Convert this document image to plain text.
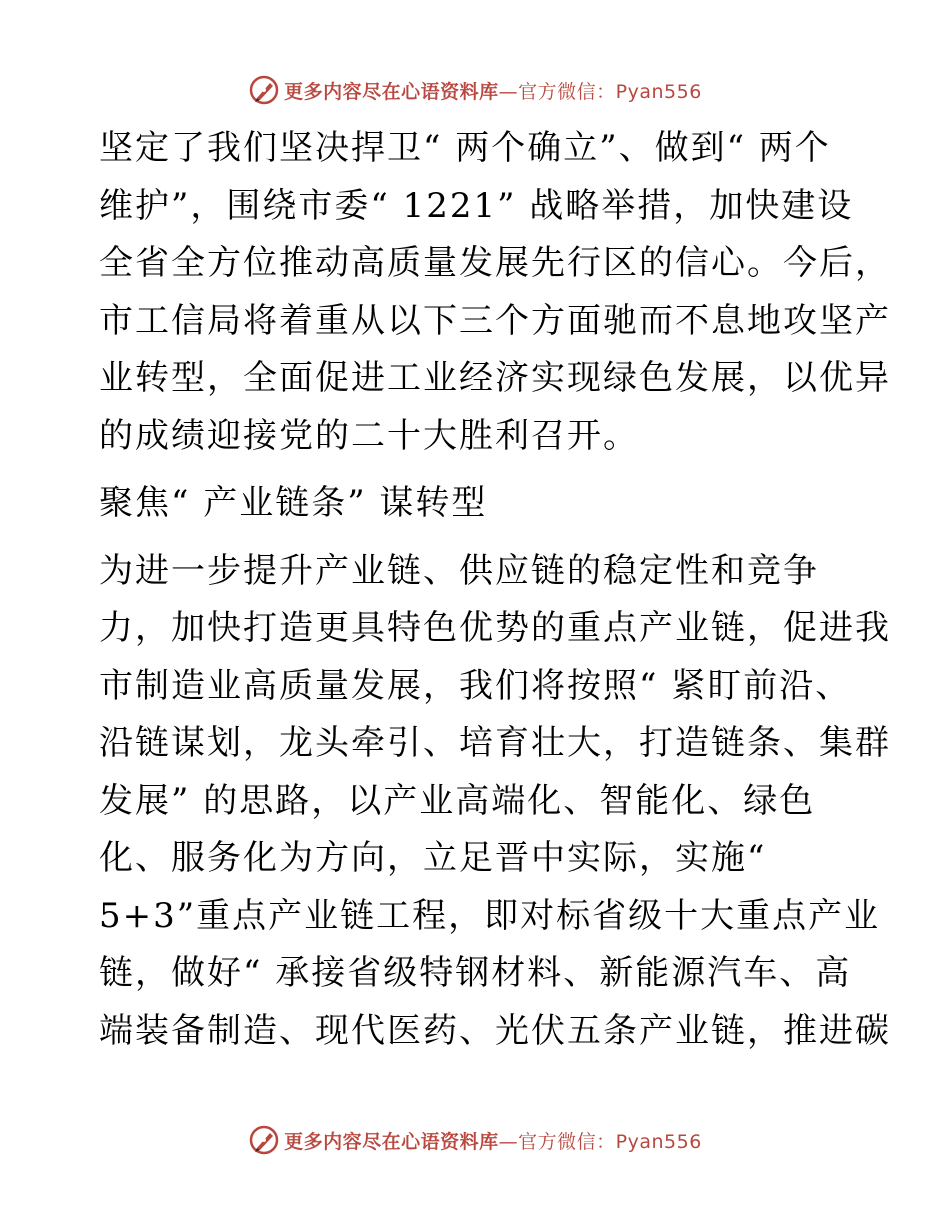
更多内容尽在心语资料库—官方微信：Pyan556
坚定了我们坚决捍卫“ 两个确立”、做到“ 两个
维护”，围绕市委“ 1221” 战略举措，加快建设
全省全方位推动高质量发展先行区的信心。今后，
市工信局将着重从以下三个方面驰而不息地攻坚产
业转型，全面促进工业经济实现绿色发展，以优异
的成绩迎接党的二十大胜利召开。
聚焦“ 产业链条” 谋转型
为进一步提升产业链、供应链的稳定性和竞争
力，加快打造更具特色优势的重点产业链，促进我
市制造业高质量发展，我们将按照“ 紧盯前沿、
沿链谋划，龙头牵引、培育壮大，打造链条、集群
发展” 的思路，以产业高端化、智能化、绿色
化、服务化为方向，立足晋中实际，实施“
5+3”重点产业链工程，即对标省级十大重点产业
链，做好“ 承接省级特钢材料、新能源汽车、高
端装备制造、现代医药、光伏五条产业链，推进碳
更多内容尽在心语资料库—官方微信：Pyan556
